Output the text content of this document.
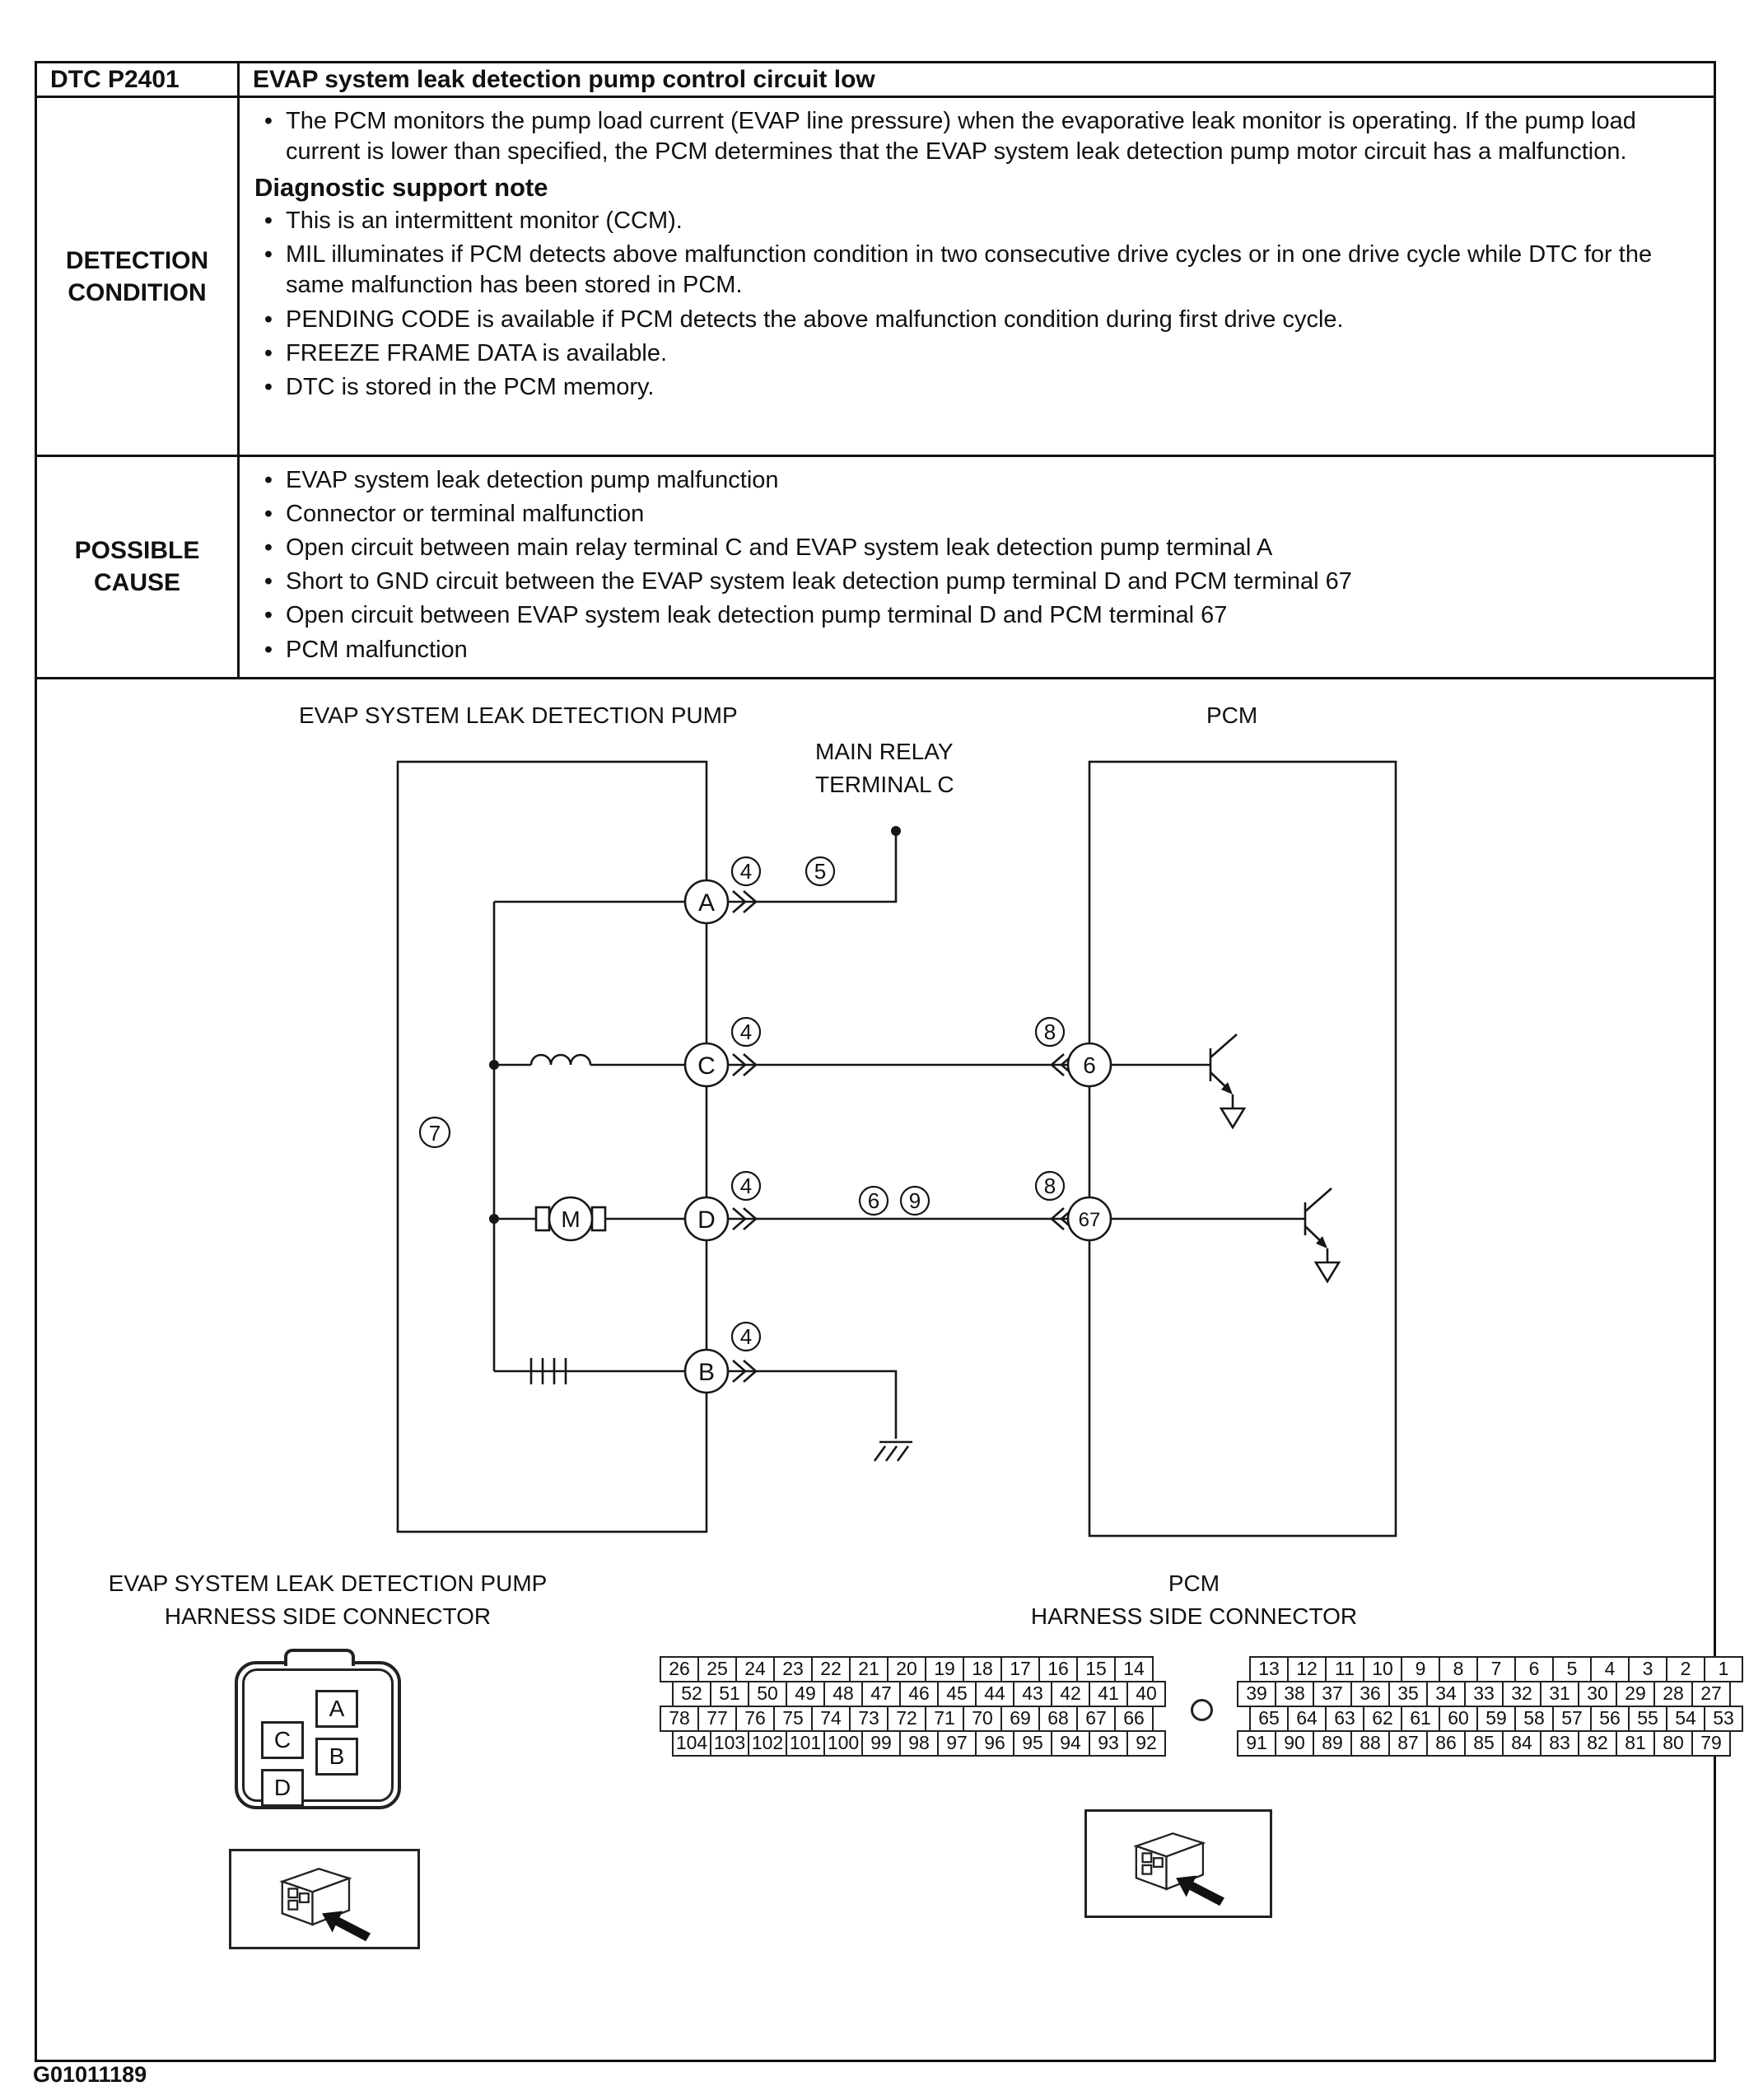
DTC P2401	EVAP system leak detection pump control circuit low
DETECTION
CONDITION
• The PCM monitors the pump load current (EVAP line pressure) when the evaporative leak monitor is operating. If the pump load current is lower than specified, the PCM determines that the EVAP system leak detection pump motor circuit has a malfunction.
Diagnostic support note
• This is an intermittent monitor (CCM).
• MIL illuminates if PCM detects above malfunction condition in two consecutive drive cycles or in one drive cycle while DTC for the same malfunction has been stored in PCM.
• PENDING CODE is available if PCM detects the above malfunction condition during first drive cycle.
• FREEZE FRAME DATA is available.
• DTC is stored in the PCM memory.
POSSIBLE
CAUSE
• EVAP system leak detection pump malfunction
• Connector or terminal malfunction
• Open circuit between main relay terminal C and EVAP system leak detection pump terminal A
• Short to GND circuit between the EVAP system leak detection pump terminal D and PCM terminal 67
• Open circuit between EVAP system leak detection pump terminal D and PCM terminal 67
• PCM malfunction
A
C
M	D
B
6
67
4	5
4	8
4
6 9
8
4
7
EVAP SYSTEM LEAK DETECTION PUMP	PCM
MAIN RELAY
TERMINAL C
EVAP SYSTEM LEAK DETECTION PUMP
HARNESS SIDE CONNECTOR
PCM
HARNESS SIDE CONNECTOR
A
B
C
D
26 25 24 23 22 21 20 19 18 17 16 15 14
52 51 50 49 48 47 46 45 44 43 42 41 40
78 77 76 75 74 73 72 71 70 69 68 67 66
104 103 102 101 100 99 98 97 96 95 94 93 92
13 12 11 10	9	8	7	6	5	4	3	2	1
39 38 37 36 35 34 33 32 31 30 29 28 27
65 64 63 62 61 60 59 58 57 56 55 54 53
91 90 89 88 87 86 85 84 83 82 81 80 79
G01011189
